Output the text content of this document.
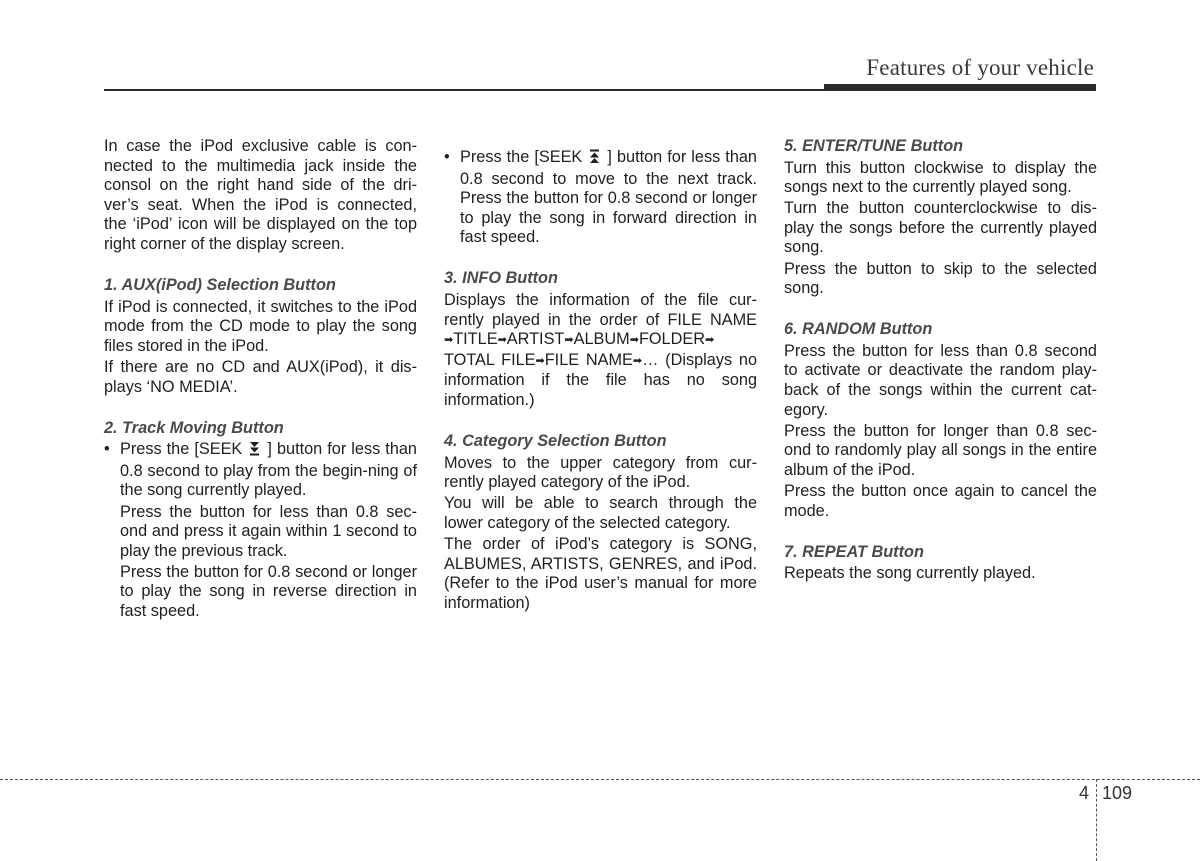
Features of your vehicle

In case the iPod exclusive cable is con-nected to the multimedia jack inside the consol on the right hand side of the dri-ver’s seat. When the iPod is connected, the ‘iPod’ icon will be displayed on the top right corner of the display screen.

1. AUX(iPod) Selection Button

If iPod is connected, it switches to the iPod mode from the CD mode to play the song files stored in the iPod.

If there are no CD and AUX(iPod), it dis-plays ‘NO MEDIA’.

2. Track Moving Button

• Press the [SEEK ] button for less than 0.8 second to play from the begin-ning of the song currently played.

Press the button for less than 0.8 sec-ond and press it again within 1 second to play the previous track.

Press the button for 0.8 second or longer to play the song in reverse direction in fast speed.

• Press the [SEEK ] button for less than 0.8 second to move to the next track. Press the button for 0.8 second or longer to play the song in forward direction in fast speed.

3. INFO Button

Displays the information of the file cur-rently played in the order of FILE NAME ➡TITLE➡ARTIST➡ALBUM➡FOLDER➡ TOTAL FILE➡FILE NAME➡… (Displays no information if the file has no song information.)

4. Category Selection Button

Moves to the upper category from cur-rently played category of the iPod.

You will be able to search through the lower category of the selected category.

The order of iPod’s category is SONG, ALBUMES, ARTISTS, GENRES, and iPod. (Refer to the iPod user’s manual for more information)

5. ENTER/TUNE Button

Turn this button clockwise to display the songs next to the currently played song.

Turn the button counterclockwise to dis-play the songs before the currently played song.

Press the button to skip to the selected song.

6. RANDOM Button

Press the button for less than 0.8 second to activate or deactivate the random play-back of the songs within the current cat-egory.

Press the button for longer than 0.8 sec-ond to randomly play all songs in the entire album of the iPod.

Press the button once again to cancel the mode.

7. REPEAT Button

Repeats the song currently played.

4 109
